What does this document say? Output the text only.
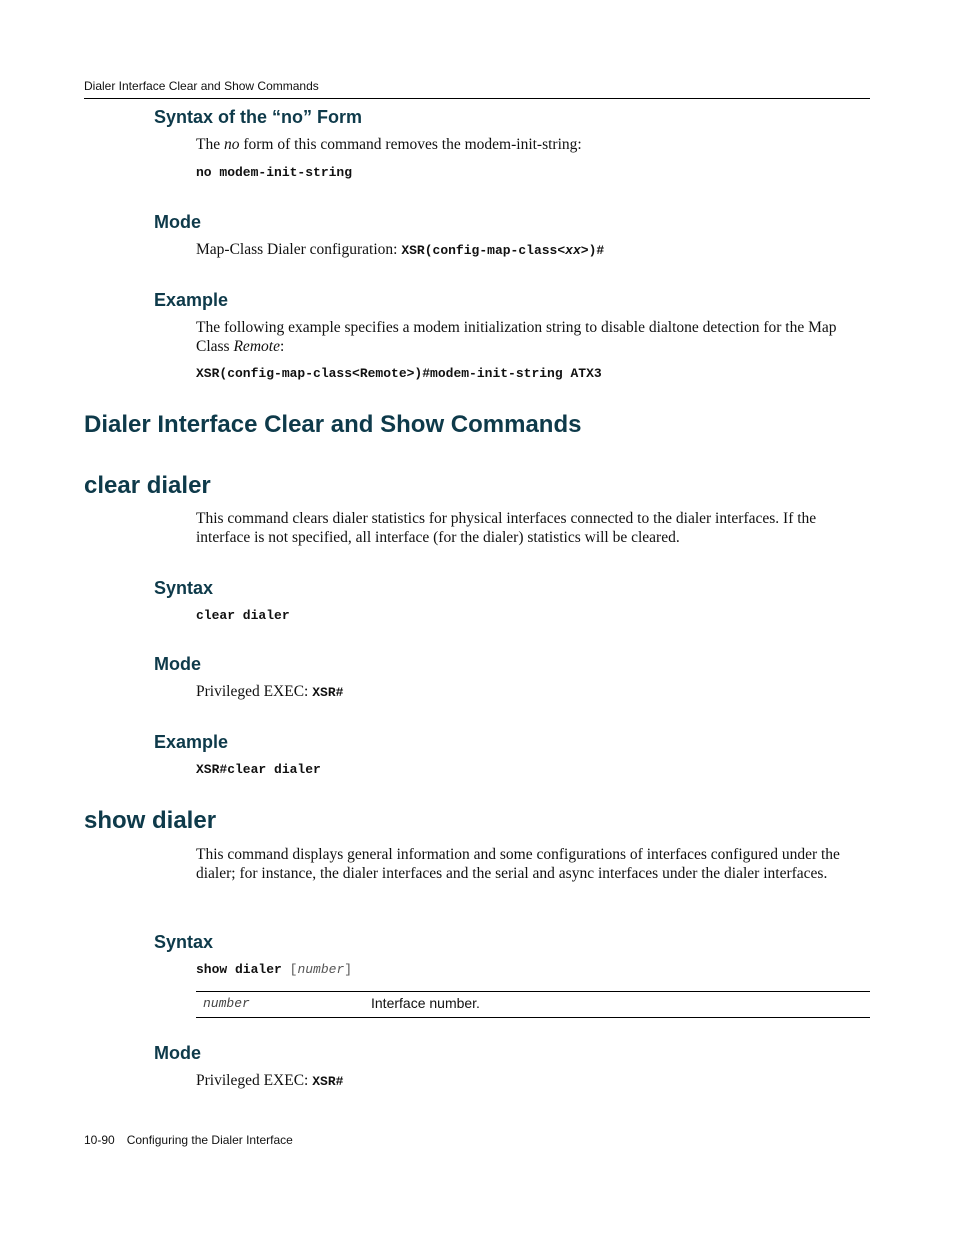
Dialer Interface Clear and Show Commands
Syntax of the “no” Form
The no form of this command removes the modem-init-string:
no modem-init-string
Mode
Map-Class Dialer configuration: XSR(config-map-class<xx>)#
Example
The following example specifies a modem initialization string to disable dialtone detection for the Map Class Remote:
XSR(config-map-class<Remote>)#modem-init-string ATX3
Dialer Interface Clear and Show Commands
clear dialer
This command clears dialer statistics for physical interfaces connected to the dialer interfaces. If the interface is not specified, all interface (for the dialer) statistics will be cleared.
Syntax
clear dialer
Mode
Privileged EXEC: XSR#
Example
XSR#clear dialer
show dialer
This command displays general information and some configurations of interfaces configured under the dialer; for instance, the dialer interfaces and the serial and async interfaces under the dialer interfaces.
Syntax
show dialer [number]
number	Interface number.
Mode
Privileged EXEC: XSR#
10-90 Configuring the Dialer Interface
